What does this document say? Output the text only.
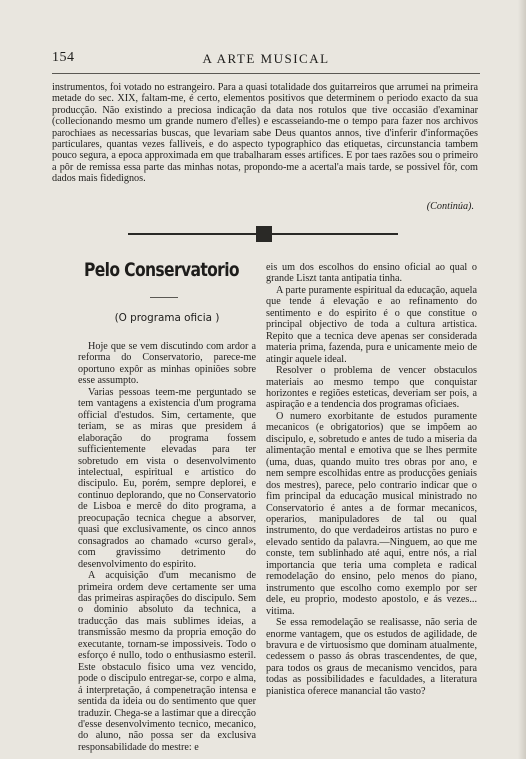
154	A ARTE MUSICAL

instrumentos, foi votado no estrangeiro. Para a quasi totalidade dos guitarreiros que arrumei na primeira metade do sec. XIX, faltam-me, é certo, elementos positivos que determinem o periodo exacto da sua producção. Não existindo a preciosa indicação da data nos rotulos que tive occasião d'examinar (collecionando mesmo um grande numero d'elles) e escasseiando-me o tempo para fazer nos archivos parochiaes as necessarias buscas, que levariam sabe Deus quantos annos, tive d'inferir d'informações particulares, quantas vezes falliveis, e do aspecto typographico das etiquetas, circunstancia tambem pouco segura, a epoca approximada em que trabalharam esses artifices. E por taes razões sou o primeiro a pôr de remissa essa parte das minhas notas, propondo-me a acertal'a mais tarde, se possivel fôr, com dados mais fidedignos.

(Continúa).
Pelo Conservatorio
(O programa oficia )

Hoje que se vem discutindo com ardor a reforma do Conservatorio, parece-me oportuno expôr as minhas opiniões sobre esse assumpto.

Varias pessoas teem-me perguntado se tem vantagens a existencia d'um programa official d'estudos. Sim, certamente, que teriam, se as miras que presidem á elaboração do programa fossem sufficientemente elevadas para ter sobretudo em vista o desenvolvimento intelectual, espiritual e artistico do discipulo. Eu, porém, sempre deplorei, e continuo deplorando, que no Conservatorio de Lisboa e mercê do dito programa, a preocupação tecnica chegue a absorver, quasi que exclusivamente, os cinco annos consagrados ao chamado «curso geral», com gravissimo detrimento do desenvolvimento do espirito.

A acquisição d'um mecanismo de primeira ordem deve certamente ser uma das primeiras aspirações do discipulo. Sem o dominio absoluto da technica, a traducção das mais sublimes ideias, a transmissão mesmo da propria emoção do executante, tornam-se impossiveis. Todo o esforço é nullo, todo o enthusiasmo esteril. Este obstaculo fisico uma vez vencido, pode o discipulo entregar-se, corpo e alma, á interpretação, á compenetração intensa e sentida da ideia ou do sentimento que quer traduzir. Chega-se a lastimar que a direcção d'esse desenvolvimento tecnico, mecanico, do aluno, não possa ser da exclusiva responsabilidade do mestre: e

eis um dos escolhos do ensino oficial ao qual o grande Liszt tanta antipatia tinha.

A parte puramente espiritual da educação, aquela que tende á elevação e ao refinamento do sentimento e do espirito é o que constitue o principal objectivo de toda a cultura artistica. Repito que a tecnica deve apenas ser considerada materia prima, fazenda, pura e unicamente meio de atingir aquele ideal.

Resolver o problema de vencer obstaculos materiais ao mesmo tempo que conquistar horizontes e regiões esteticas, deveriam ser pois, a aspiração e a tendencia dos programas oficiaes.

O numero exorbitante de estudos puramente mecanicos (e obrigatorios) que se impõem ao discipulo, e, sobretudo e antes de tudo a miseria da alimentação mental e emotiva que se lhes permite (uma, duas, quando muito tres obras por ano, e nem sempre escolhidas entre as producções geniais dos mestres), parece, pelo contrario indicar que o fim principal da educação musical ministrado no Conservatorio é antes a de formar mecanicos, operarios, manipuladores de tal ou qual instrumento, do que verdadeiros artistas no puro e elevado sentido da palavra.—Ninguem, ao que me conste, tem sublinhado até aqui, entre nós, a rial importancia que teria uma completa e radical remodelação do ensino, pelo menos do piano, instrumento que escolho como exemplo por ser dele, eu proprio, modesto apostolo, e ás vezes... vitima.

Se essa remodelação se realisasse, não seria de enorme vantagem, que os estudos de agilidade, de bravura e de virtuosismo que dominam atualmente, cedessem o passo ás obras trascendentes, de que, para todos os graus de mecanismo vencidos, para todas as possibilidades e faculdades, a literatura pianistica oferece manancial tão vasto?
